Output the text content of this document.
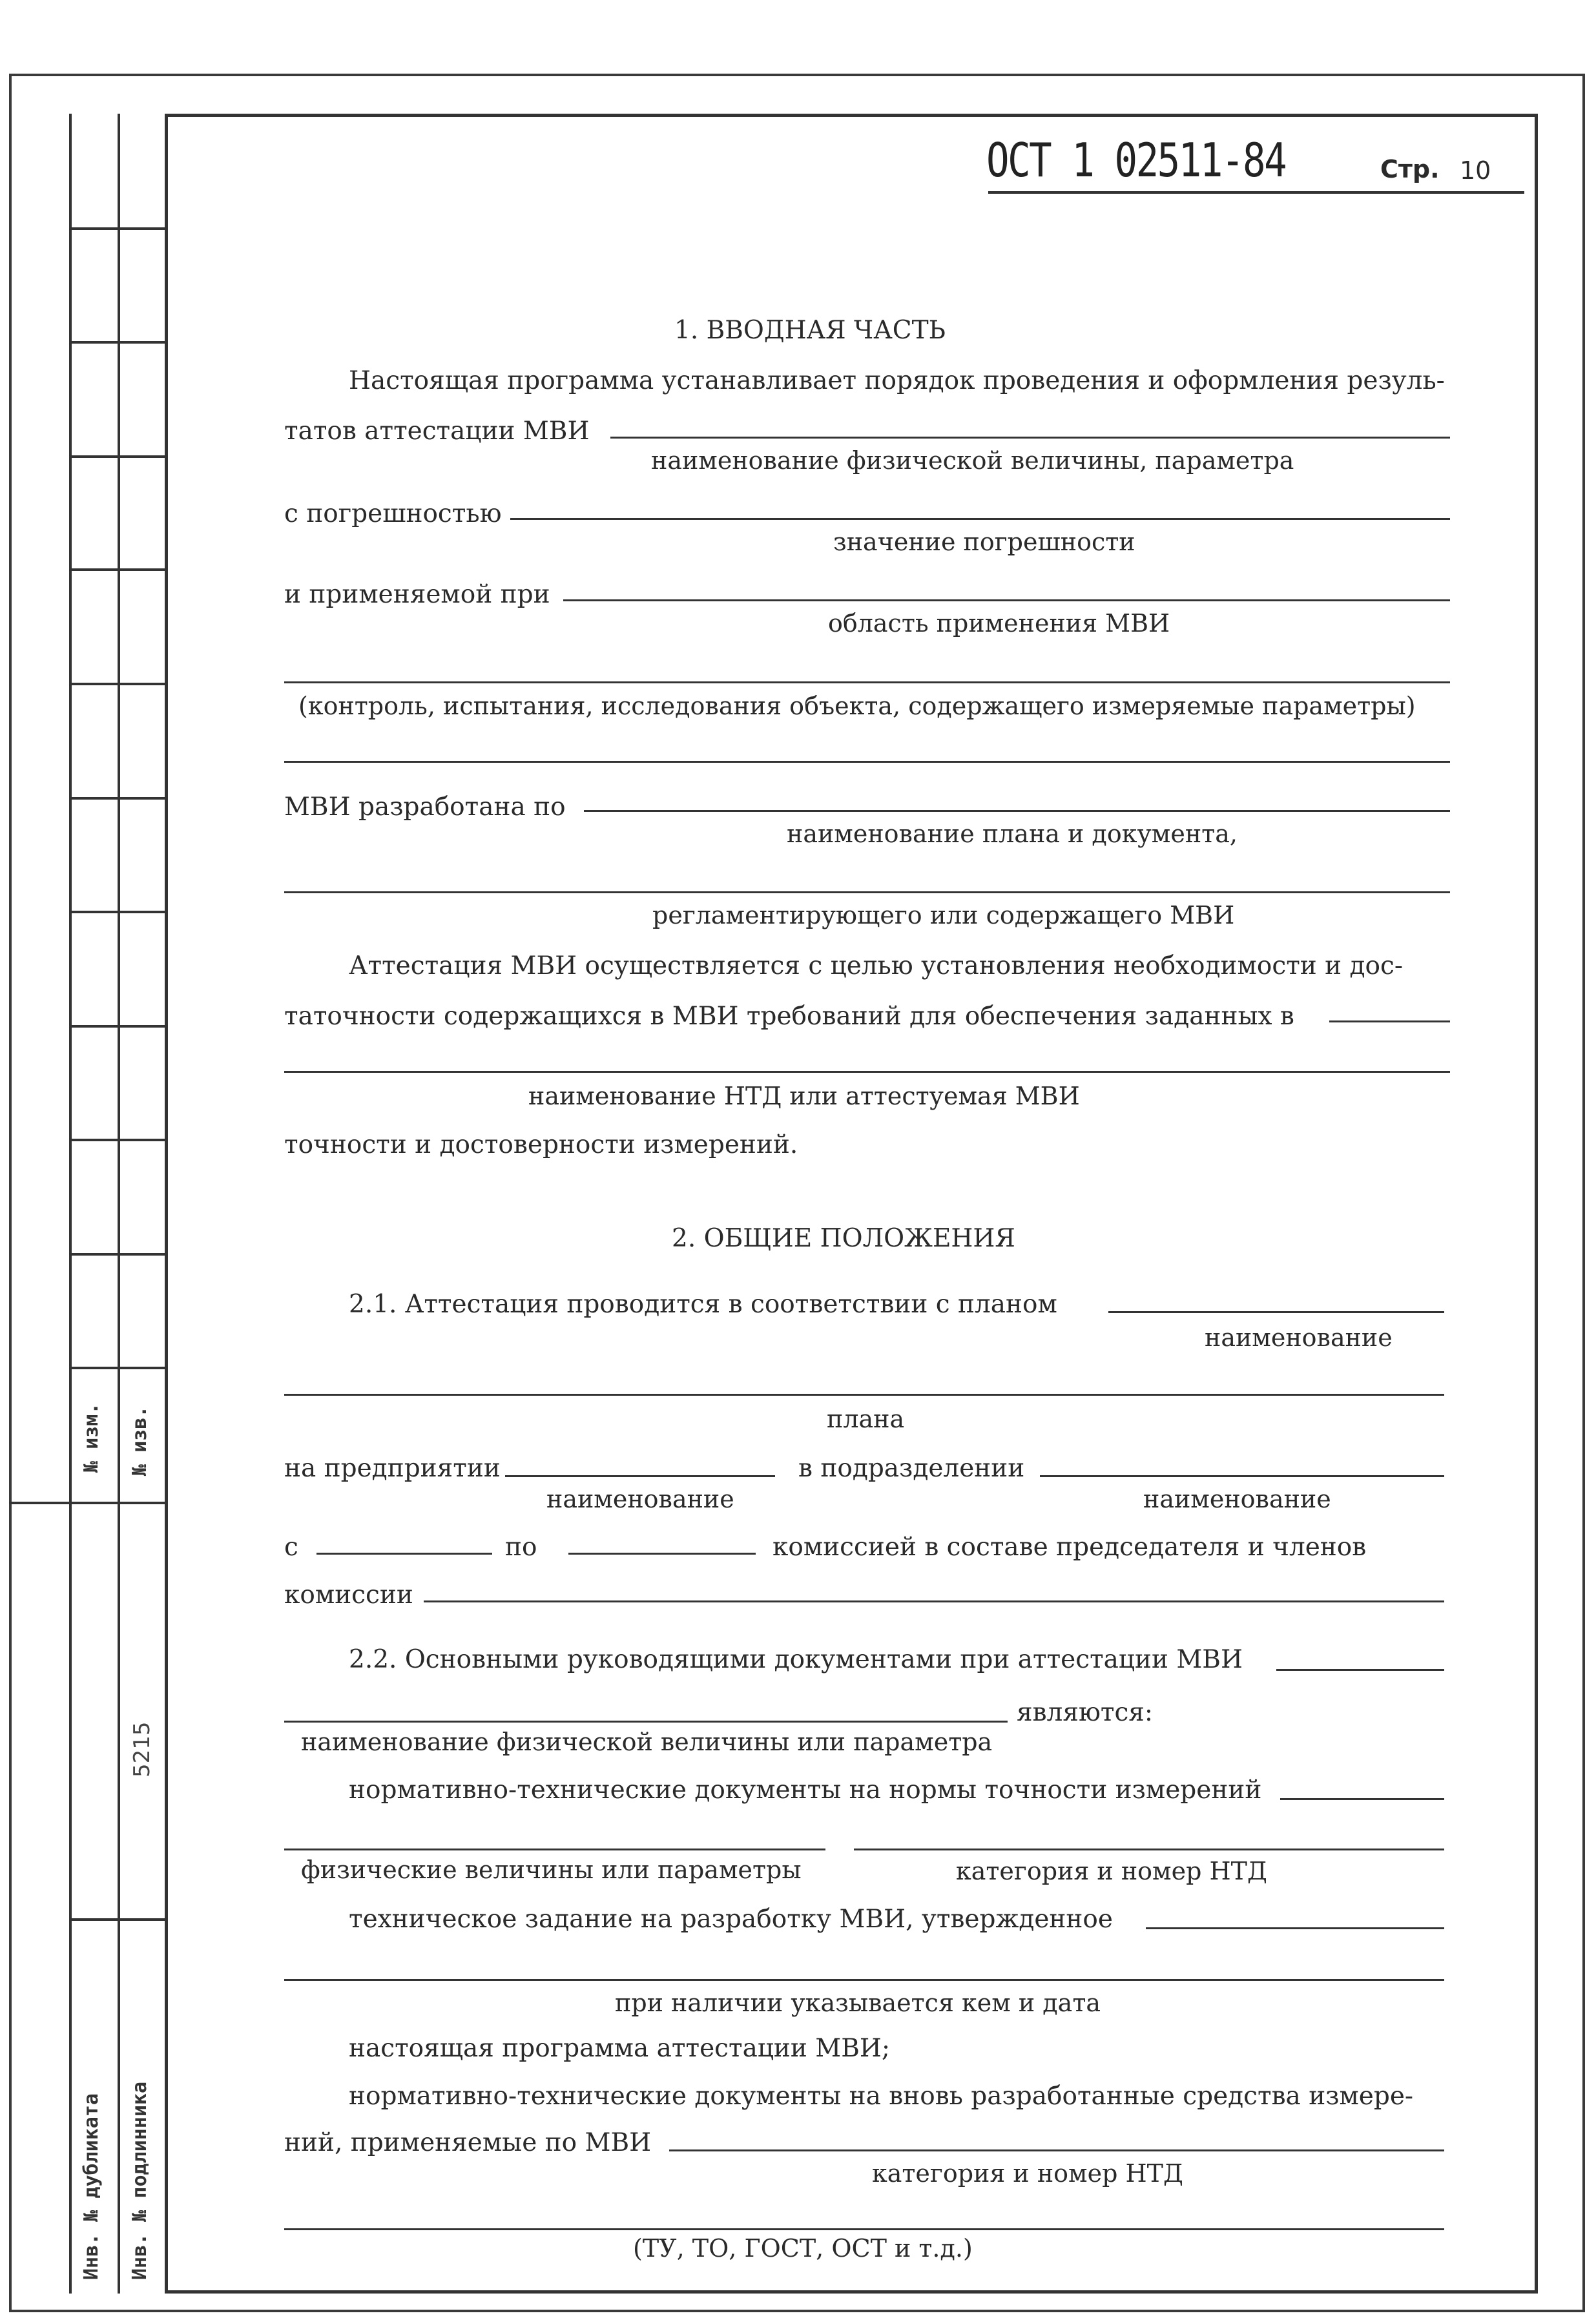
№ изм. № изв.
5215
Инв. № дубликата Инв. № подлинника
ОСТ 1 02511-84	Стр. 10
1. ВВОДНАЯ ЧАСТЬ
Настоящая программа устанавливает порядок проведения и оформления резуль-
татов аттестации МВИ
наименование физической величины, параметра
с погрешностью
значение погрешности
и применяемой при
область применения МВИ
(контроль, испытания, исследования объекта, содержащего измеряемые параметры)
МВИ разработана по
наименование плана и документа,
регламентирующего или содержащего МВИ
Аттестация МВИ осуществляется с целью установления необходимости и дос-
таточности содержащихся в МВИ требований для обеспечения заданных в
наименование НТД или аттестуемая МВИ
точности и достоверности измерений.
2. ОБЩИЕ ПОЛОЖЕНИЯ
2.1. Аттестация проводится в соответствии с планом
наименование
плана
на предприятии	в подразделении
наименование	наименование
с	по	комиссией в составе председателя и членов
комиссии
2.2. Основными руководящими документами при аттестации МВИ
являются:
наименование физической величины или параметра
нормативно-технические документы на нормы точности измерений
физические величины или параметры	категория и номер НТД
техническое задание на разработку МВИ, утвержденное
при наличии указывается кем и дата
настоящая программа аттестации МВИ;
нормативно-технические документы на вновь разработанные средства измере-
ний, применяемые по МВИ
категория и номер НТД
(ТУ, ТО, ГОСТ, ОСТ и т.д.)
